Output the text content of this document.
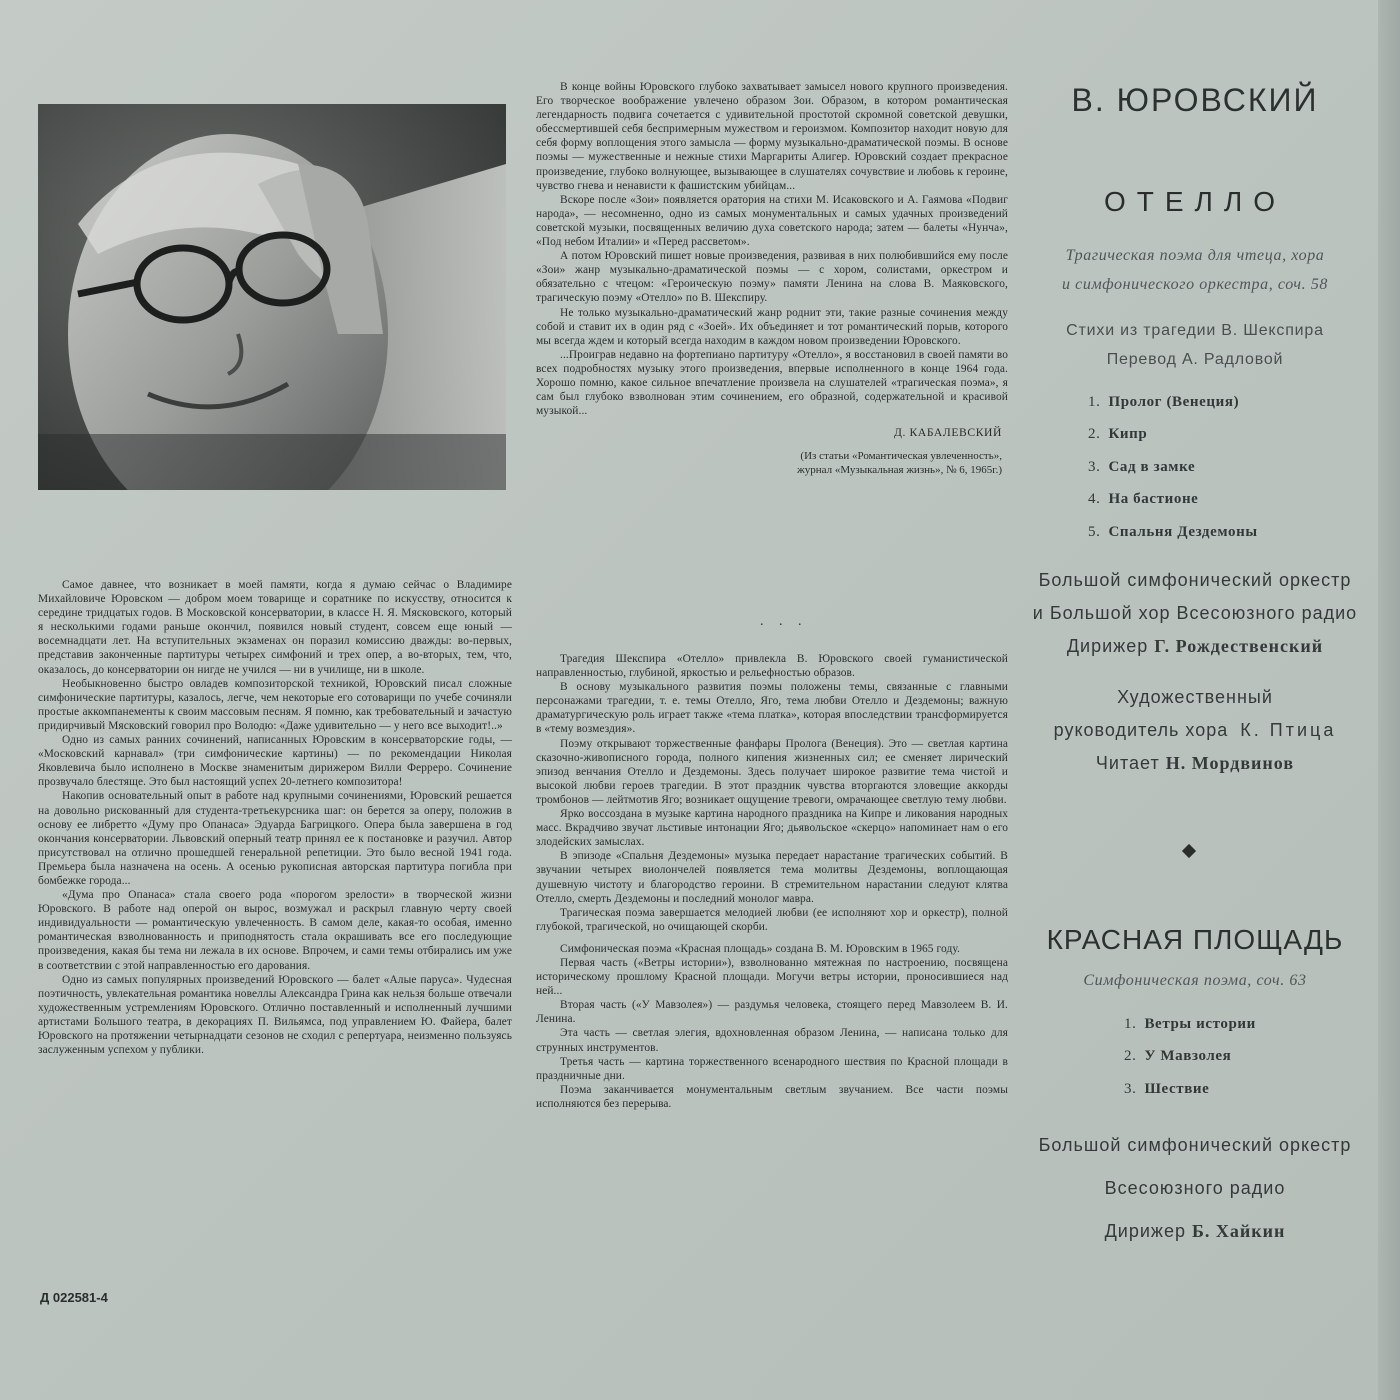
В конце войны Юровского глубоко захватывает замысел нового крупного произведения. Его творческое воображение увлечено образом Зои. Образом, в котором романтическая легендарность подвига сочетается с удивительной простотой скромной советской девушки, обессмертившей себя беспримерным мужеством и героизмом. Композитор находит новую для себя форму воплощения этого замысла — форму музыкально-драматической поэмы. В основе поэмы — мужественные и нежные стихи Маргариты Алигер. Юровский создает прекрасное произведение, глубоко волнующее, вызывающее в слушателях сочувствие и любовь к героине, чувство гнева и ненависти к фашистским убийцам...

Вскоре после «Зои» появляется оратория на стихи М. Исаковского и А. Гаямова «Подвиг народа», — несомненно, одно из самых монументальных и самых удачных произведений советской музыки, посвященных величию духа советского народа; затем — балеты «Нунча», «Под небом Италии» и «Перед рассветом».

А потом Юровский пишет новые произведения, развивая в них полюбившийся ему после «Зои» жанр музыкально-драматической поэмы — с хором, солистами, оркестром и обязательно с чтецом: «Героическую поэму» памяти Ленина на слова В. Маяковского, трагическую поэму «Отелло» по В. Шекспиру.

Не только музыкально-драматический жанр роднит эти, такие разные сочинения между собой и ставит их в один ряд с «Зоей». Их объединяет и тот романтический порыв, которого мы всегда ждем и который всегда находим в каждом новом произведении Юровского.

...Проиграв недавно на фортепиано партитуру «Отелло», я восстановил в своей памяти во всех подробностях музыку этого произведения, впервые исполненного в конце 1964 года. Хорошо помню, какое сильное впечатление произвела на слушателей «трагическая поэма», я сам был глубоко взволнован этим сочинением, его образной, содержательной и красивой музыкой...

Д. КАБАЛЕВСКИЙ
(Из статьи «Романтическая увлеченность»,
журнал «Музыкальная жизнь», № 6, 1965г.)
. . .

Трагедия Шекспира «Отелло» привлекла В. Юровского своей гуманистической направленностью, глубиной, яркостью и рельефностью образов.

В основу музыкального развития поэмы положены темы, связанные с главными персонажами трагедии, т. е. темы Отелло, Яго, тема любви Отелло и Дездемоны; важную драматургическую роль играет также «тема платка», которая впоследствии трансформируется в «тему возмездия».

Поэму открывают торжественные фанфары Пролога (Венеция). Это — светлая картина сказочно-живописного города, полного кипения жизненных сил; ее сменяет лирический эпизод венчания Отелло и Дездемоны. Здесь получает широкое развитие тема чистой и высокой любви героев трагедии. В этот праздник чувства вторгаются зловещие аккорды тромбонов — лейтмотив Яго; возникает ощущение тревоги, омрачающее светлую тему любви.

Ярко воссоздана в музыке картина народного праздника на Кипре и ликования народных масс. Вкрадчиво звучат льстивые интонации Яго; дьявольское «скерцо» напоминает нам о его злодейских замыслах.

В эпизоде «Спальня Дездемоны» музыка передает нарастание трагических событий. В звучании четырех виолончелей появляется тема молитвы Дездемоны, воплощающая душевную чистоту и благородство героини. В стремительном нарастании следуют клятва Отелло, смерть Дездемоны и последний монолог мавра.

Трагическая поэма завершается мелодией любви (ее исполняют хор и оркестр), полной глубокой, трагической, но очищающей скорби.

Симфоническая поэма «Красная площадь» создана В. М. Юровским в 1965 году.

Первая часть («Ветры истории»), взволнованно мятежная по настроению, посвящена историческому прошлому Красной площади. Могучи ветры истории, проносившиеся над ней...

Вторая часть («У Мавзолея») — раздумья человека, стоящего перед Мавзолеем В. И. Ленина.

Эта часть — светлая элегия, вдохновленная образом Ленина, — написана только для струнных инструментов.

Третья часть — картина торжественного всенародного шествия по Красной площади в праздничные дни.

Поэма заканчивается монументальным светлым звучанием. Все части поэмы исполняются без перерыва.

Самое давнее, что возникает в моей памяти, когда я думаю сейчас о Владимире Михайловиче Юровском — добром моем товарище и соратнике по искусству, относится к середине тридцатых годов. В Московской консерватории, в классе Н. Я. Мясковского, который я несколькими годами раньше окончил, появился новый студент, совсем еще юный — восемнадцати лет. На вступительных экзаменах он поразил комиссию дважды: во-первых, представив законченные партитуры четырех симфоний и трех опер, а во-вторых, тем, что, оказалось, до консерватории он нигде не учился — ни в училище, ни в школе.

Необыкновенно быстро овладев композиторской техникой, Юровский писал сложные симфонические партитуры, казалось, легче, чем некоторые его сотоварищи по учебе сочиняли простые аккомпанементы к своим массовым песням. Я помню, как требовательный и зачастую придирчивый Мясковский говорил про Володю: «Даже удивительно — у него все выходит!..»

Одно из самых ранних сочинений, написанных Юровским в консерваторские годы, — «Московский карнавал» (три симфонические картины) — по рекомендации Николая Яковлевича было исполнено в Москве знаменитым дирижером Вилли Ферреро. Сочинение прозвучало блестяще. Это был настоящий успех 20-летнего композитора!

Накопив основательный опыт в работе над крупными сочинениями, Юровский решается на довольно рискованный для студента-третьекурсника шаг: он берется за оперу, положив в основу ее либретто «Думу про Опанаса» Эдуарда Багрицкого. Опера была завершена в год окончания консерватории. Львовский оперный театр принял ее к постановке и разучил. Автор присутствовал на отлично прошедшей генеральной репетиции. Это было весной 1941 года. Премьера была назначена на осень. А осенью рукописная авторская партитура погибла при бомбежке города...

«Дума про Опанаса» стала своего рода «порогом зрелости» в творческой жизни Юровского. В работе над оперой он вырос, возмужал и раскрыл главную черту своей индивидуальности — романтическую увлеченность. В самом деле, какая-то особая, именно романтическая взволнованность и приподнятость стала окрашивать все его последующие произведения, какая бы тема ни лежала в их основе. Впрочем, и сами темы отбирались им уже в соответствии с этой направленностью его дарования.

Одно из самых популярных произведений Юровского — балет «Алые паруса». Чудесная поэтичность, увлекательная романтика новеллы Александра Грина как нельзя больше отвечали художественным устремлениям Юровского. Отлично поставленный и исполненный лучшими артистами Большого театра, в декорациях П. Вильямса, под управлением Ю. Файера, балет Юровского на протяжении четырнадцати сезонов не сходил с репертуара, неизменно пользуясь заслуженным успехом у публики.

Д 022581-4
В. ЮРОВСКИЙ
ОТЕЛЛО
Трагическая поэма для чтеца, хора
и симфонического оркестра, соч. 58
Стихи из трагедии В. Шекспира
Перевод А. Радловой
1. Пролог (Венеция)
2. Кипр
3. Сад в замке
4. На бастионе
5. Спальня Дездемоны
Большой симфонический оркестр
и Большой хор Всесоюзного радио
Дирижер Г. Рождественский
Художественный
руководитель хора К. Птица
Читает Н. Мордвинов
КРАСНАЯ ПЛОЩАДЬ
Симфоническая поэма, соч. 63
1. Ветры истории
2. У Мавзолея
3. Шествие
Большой симфонический оркестр
Всесоюзного радио
Дирижер Б. Хайкин
